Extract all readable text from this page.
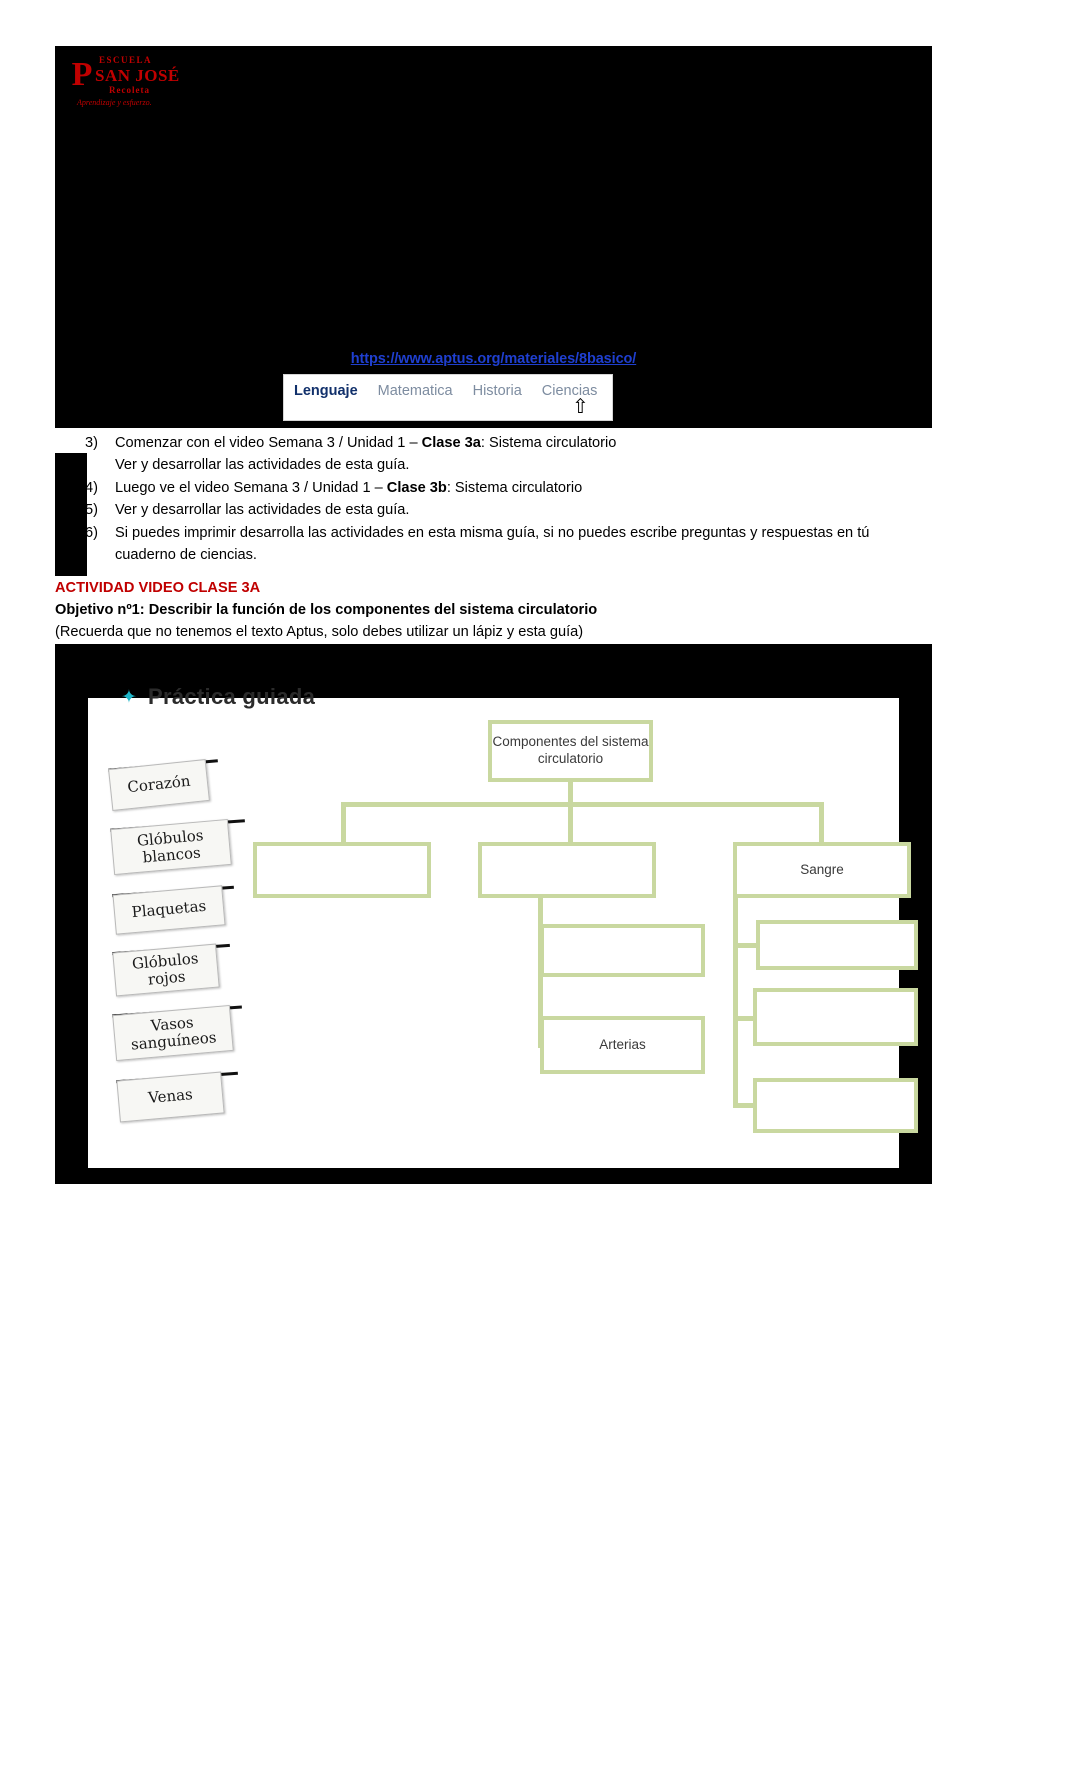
P ESCUELA
SAN JOSÉ
Recoleta
Aprendizaje y esfuerzo.
https://www.aptus.org/materiales/8basico/
Lenguaje	Matematica	Historia	Ciencias
⇧
3)	Comenzar con el video Semana 3 / Unidad 1 – Clase 3a: Sistema circulatorio
Ver y desarrollar las actividades de esta guía.
4)	Luego ve el video Semana 3 / Unidad 1 – Clase 3b: Sistema circulatorio
5)	Ver y desarrollar las actividades de esta guía.
6)	Si puedes imprimir desarrolla las actividades en esta misma guía, si no puedes escribe preguntas y respuestas en tú cuaderno de ciencias.
ACTIVIDAD VIDEO CLASE 3A
Objetivo nº1: Describir la función de los componentes del sistema circulatorio
(Recuerda que no tenemos el texto Aptus, solo debes utilizar un lápiz y esta guía)
✦ Práctica guiada
Componentes del sistema circulatorio
Sangre
Arterias
Corazón
Glóbulos blancos
Plaquetas
Glóbulos rojos
Vasos sanguíneos
Venas
